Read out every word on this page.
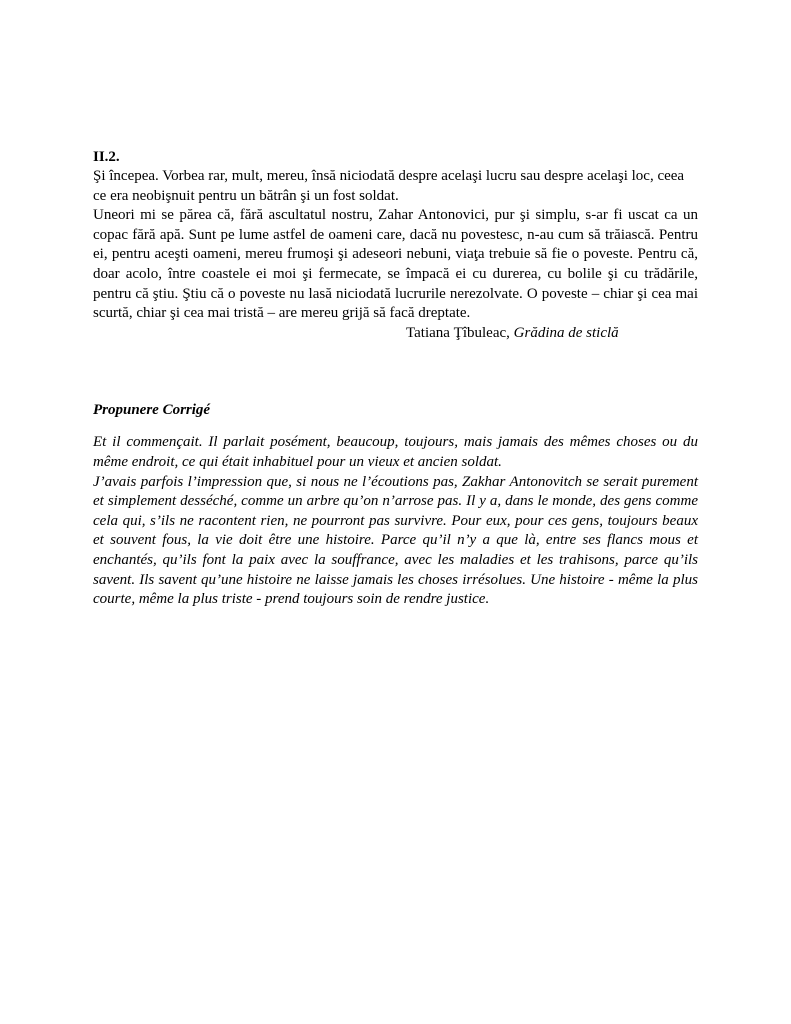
II.2.

Şi începea. Vorbea rar, mult, mereu, însă niciodată despre acelaşi lucru sau despre acelaşi loc, ceea ce era neobişnuit pentru un bătrân şi un fost soldat.

Uneori mi se părea că, fără ascultatul nostru, Zahar Antonovici, pur şi simplu, s-ar fi uscat ca un copac fără apă. Sunt pe lume astfel de oameni care, dacă nu povestesc, n-au cum să trăiască. Pentru ei, pentru aceşti oameni, mereu frumoşi şi adeseori nebuni, viaţa trebuie să fie o poveste. Pentru că, doar acolo, între coastele ei moi şi fermecate, se împacă ei cu durerea, cu bolile şi cu trădările, pentru că ştiu. Ştiu că o poveste nu lasă niciodată lucrurile nerezolvate. O poveste – chiar şi cea mai scurtă, chiar şi cea mai tristă – are mereu grijă să facă dreptate.

Tatiana Ţîbuleac, Grădina de sticlă

Propunere Corrigé

Et il commençait. Il parlait posément, beaucoup, toujours, mais jamais des mêmes choses ou du même endroit, ce qui était inhabituel pour un vieux et ancien soldat.

J’avais parfois l’impression que, si nous ne l’écoutions pas, Zakhar Antonovitch se serait purement et simplement desséché, comme un arbre qu’on n’arrose pas. Il y a, dans le monde, des gens comme cela qui, s’ils ne racontent rien, ne pourront pas survivre. Pour eux, pour ces gens, toujours beaux et souvent fous, la vie doit être une histoire. Parce qu’il n’y a que là, entre ses flancs mous et enchantés, qu’ils font la paix avec la souffrance, avec les maladies et les trahisons, parce qu’ils savent. Ils savent qu’une histoire ne laisse jamais les choses irrésolues. Une histoire - même la plus courte, même la plus triste - prend toujours soin de rendre justice.
